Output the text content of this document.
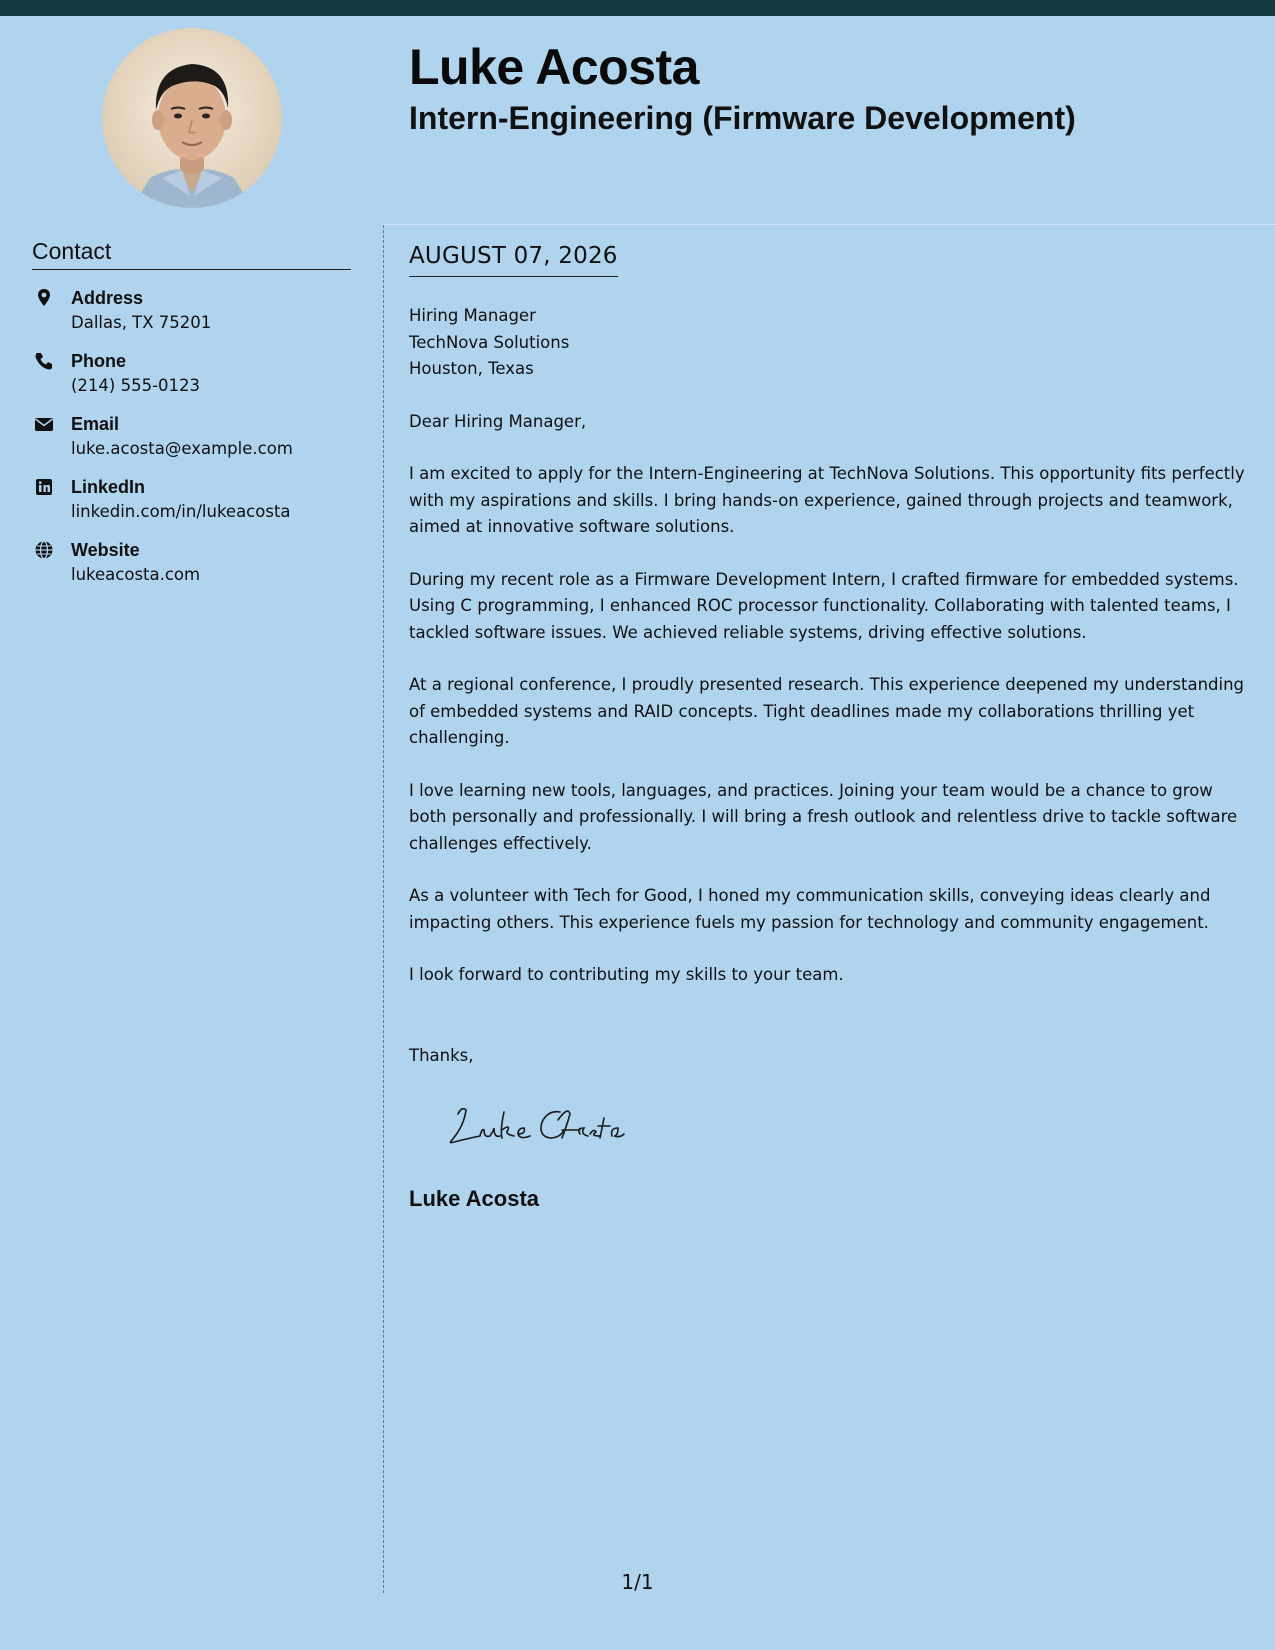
Luke Acosta
Intern-Engineering (Firmware Development)
Contact
Address
Dallas, TX 75201
Phone
(214) 555-0123
Email
luke.acosta@example.com
LinkedIn
linkedin.com/in/lukeacosta
Website
lukeacosta.com
AUGUST 07, 2026

Hiring Manager
TechNova Solutions
Houston, Texas

Dear Hiring Manager,

I am excited to apply for the Intern-Engineering at TechNova Solutions. This opportunity fits perfectly with my aspirations and skills. I bring hands-on experience, gained through projects and teamwork, aimed at innovative software solutions.

During my recent role as a Firmware Development Intern, I crafted firmware for embedded systems. Using C programming, I enhanced ROC processor functionality. Collaborating with talented teams, I tackled software issues. We achieved reliable systems, driving effective solutions.

At a regional conference, I proudly presented research. This experience deepened my understanding of embedded systems and RAID concepts. Tight deadlines made my collaborations thrilling yet challenging.

I love learning new tools, languages, and practices. Joining your team would be a chance to grow both personally and professionally. I will bring a fresh outlook and relentless drive to tackle software challenges effectively.

As a volunteer with Tech for Good, I honed my communication skills, conveying ideas clearly and impacting others. This experience fuels my passion for technology and community engagement.

I look forward to contributing my skills to your team.

Thanks,
Luke Acosta
1/1
